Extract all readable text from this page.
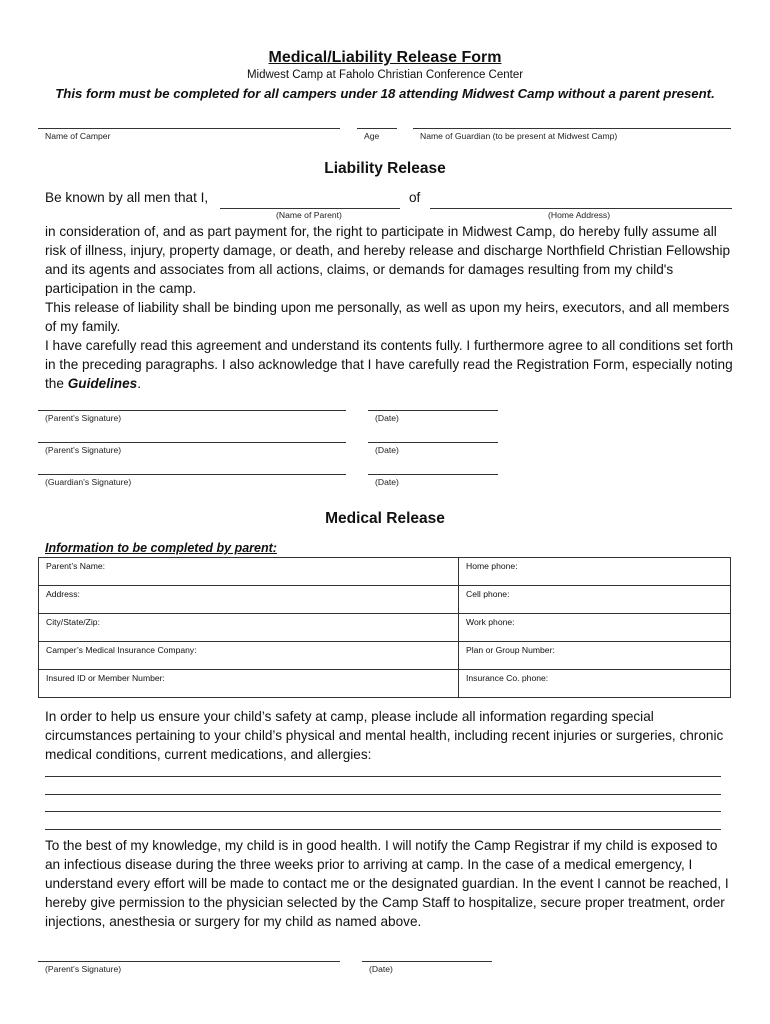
Medical/Liability Release Form
Midwest Camp at Faholo Christian Conference Center
This form must be completed for all campers under 18 attending Midwest Camp without a parent present.
Name of Camper	Age	Name of Guardian (to be present at Midwest Camp)
Liability Release
Be known by all men that I,	of
(Name of Parent)	(Home Address)

in consideration of, and as part payment for, the right to participate in Midwest Camp, do hereby fully assume all risk of illness, injury, property damage, or death, and hereby release and discharge Northfield Christian Fellowship and its agents and associates from all actions, claims, or demands for damages resulting from my child's participation in the camp.

This release of liability shall be binding upon me personally, as well as upon my heirs, executors, and all members of my family.

I have carefully read this agreement and understand its contents fully. I furthermore agree to all conditions set forth in the preceding paragraphs. I also acknowledge that I have carefully read the Registration Form, especially noting the Guidelines.

(Parent's Signature)	(Date)
(Parent's Signature)	(Date)
(Guardian's Signature)	(Date)
Medical Release
Information to be completed by parent:
Parent’s Name:	Home phone:
Address:	Cell phone:
City/State/Zip:	Work phone:
Camper’s Medical Insurance Company:	Plan or Group Number:
Insured ID or Member Number:	Insurance Co. phone:
In order to help us ensure your child’s safety at camp, please include all information regarding special circumstances pertaining to your child’s physical and mental health, including recent injuries or surgeries, chronic medical conditions, current medications, and allergies:
To the best of my knowledge, my child is in good health. I will notify the Camp Registrar if my child is exposed to an infectious disease during the three weeks prior to arriving at camp. In the case of a medical emergency, I understand every effort will be made to contact me or the designated guardian. In the event I cannot be reached, I hereby give permission to the physician selected by the Camp Staff to hospitalize, secure proper treatment, order injections, anesthesia or surgery for my child as named above.
(Parent's Signature)	(Date)
